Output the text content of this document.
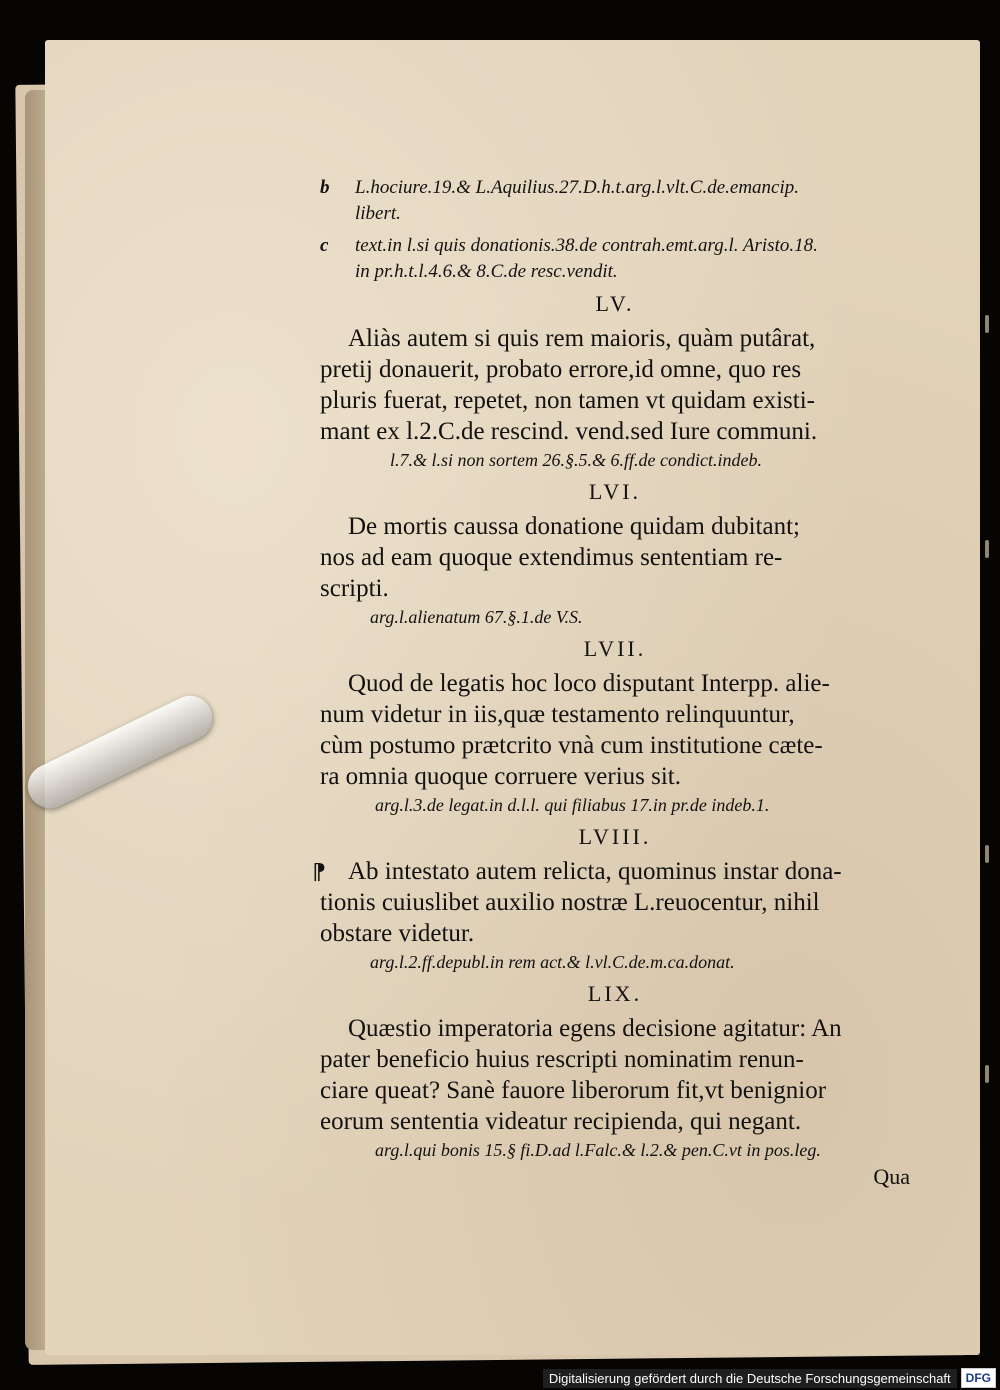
b L.hociure.19.& L.Aquilius.27.D.h.t.arg.l.vlt.C.de.emancip.
libert.
c text.in l.si quis donationis.38.de contrah.emt.arg.l. Aristo.18.
in pr.h.t.l.4.6.& 8.C.de resc.vendit.
LV.
Aliàs autem si quis rem maioris, quàm putârat,
pretij donauerit, probato errore,id omne, quo res
pluris fuerat, repetet, non tamen vt quidam existi-
mant ex l.2.C.de rescind. vend.sed Iure communi.
l.7.& l.si non sortem 26.§.5.& 6.ff.de condict.indeb.
LVI.
De mortis caussa donatione quidam dubitant;
nos ad eam quoque extendimus sententiam re-
scripti.
arg.l.alienatum 67.§.1.de V.S.
LVII.
Quod de legatis hoc loco disputant Interpp. alie-
num videtur in iis,quæ testamento relinquuntur,
cùm postumo prætcrito vnà cum institutione cæte-
ra omnia quoque corruere verius sit.
arg.l.3.de legat.in d.l.l. qui filiabus 17.in pr.de indeb.1.
LVIII.
⁋ Ab intestato autem relicta, quominus instar dona-
tionis cuiuslibet auxilio nostræ L.reuocentur, nihil
obstare videtur.
arg.l.2.ff.depubl.in rem act.& l.vl.C.de.m.ca.donat.
LIX.
Quæstio imperatoria egens decisione agitatur: An
pater beneficio huius rescripti nominatim renun-
ciare queat? Sanè fauore liberorum fit,vt benignior
eorum sententia videatur recipienda, qui negant.
arg.l.qui bonis 15.§ fi.D.ad l.Falc.& l.2.& pen.C.vt in pos.leg.
Qua
Digitalisierung gefördert durch die Deutsche Forschungsgemeinschaft	DFG
